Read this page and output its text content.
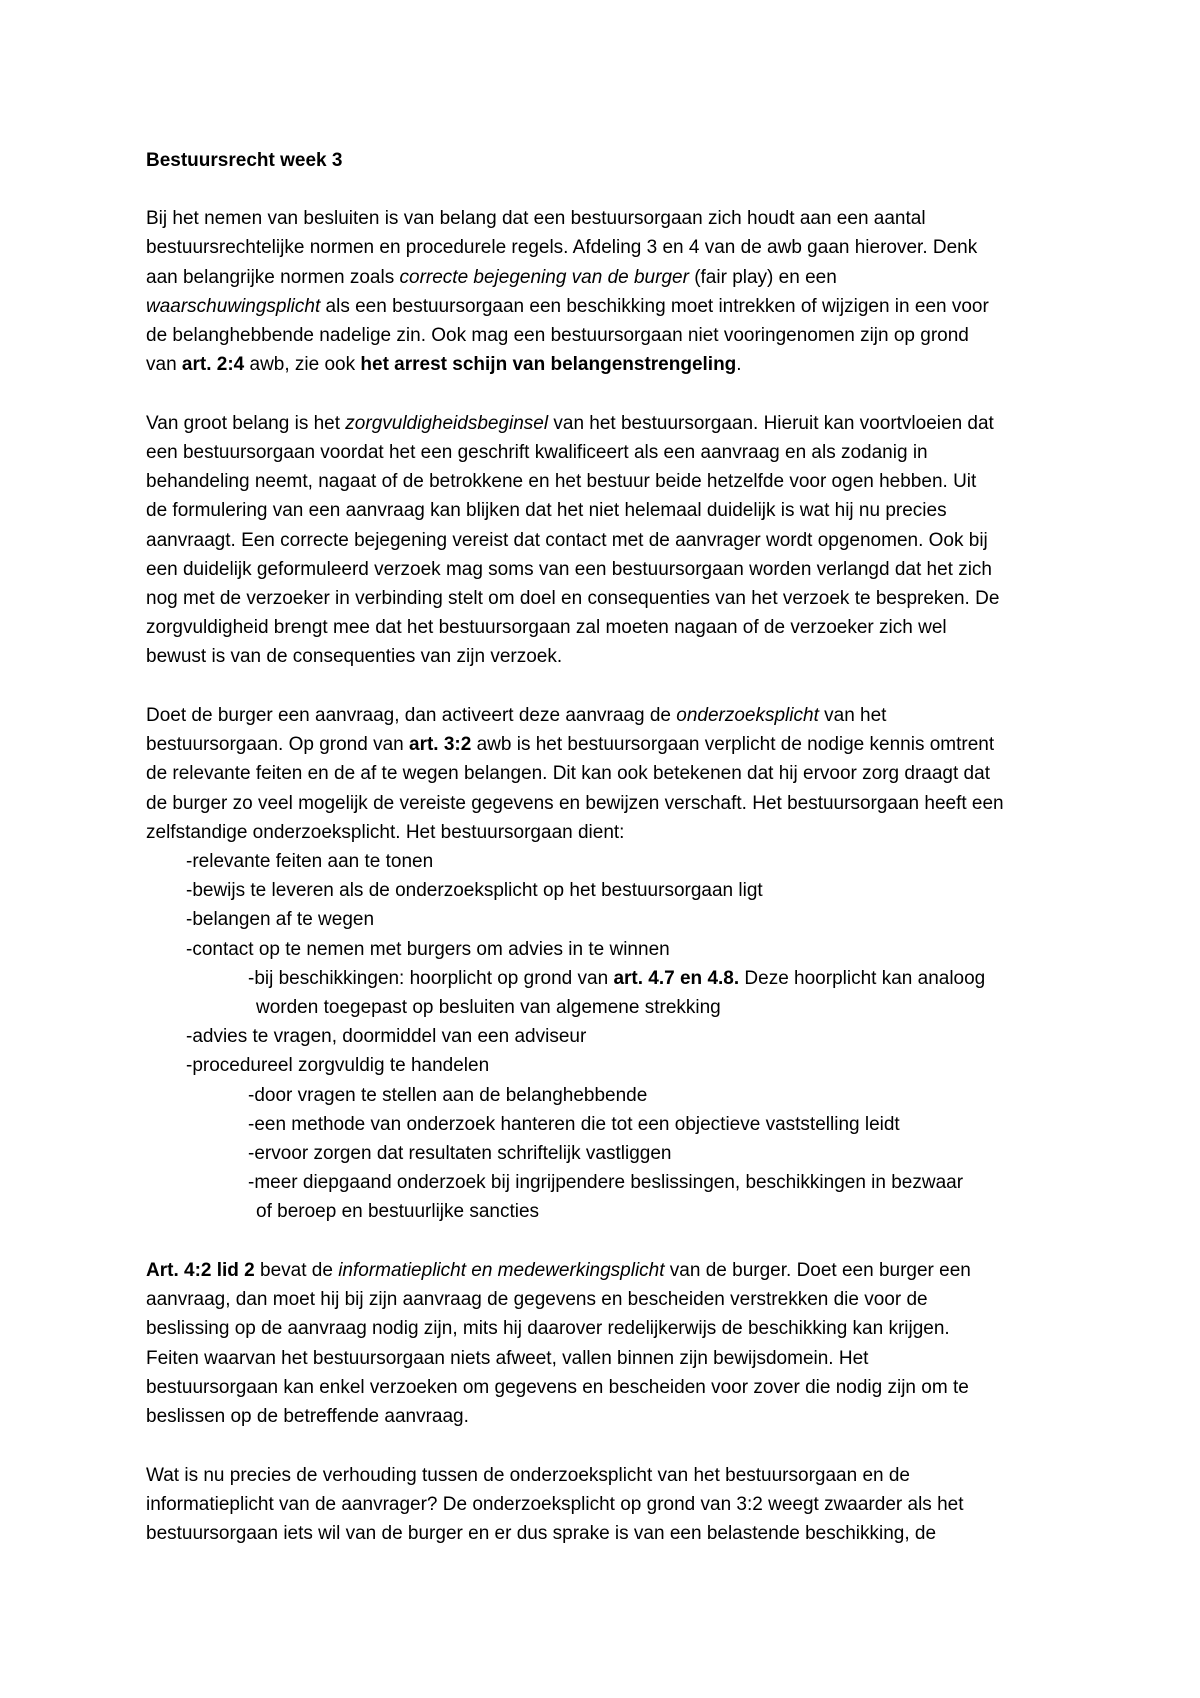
Bestuursrecht week 3
Bij het nemen van besluiten is van belang dat een bestuursorgaan zich houdt aan een aantal
bestuursrechtelijke normen en procedurele regels. Afdeling 3 en 4 van de awb gaan hierover. Denk
aan belangrijke normen zoals correcte bejegening van de burger (fair play) en een
waarschuwingsplicht als een bestuursorgaan een beschikking moet intrekken of wijzigen in een voor
de belanghebbende nadelige zin. Ook mag een bestuursorgaan niet vooringenomen zijn op grond
van art. 2:4 awb, zie ook het arrest schijn van belangenstrengeling.
Van groot belang is het zorgvuldigheidsbeginsel van het bestuursorgaan. Hieruit kan voortvloeien dat
een bestuursorgaan voordat het een geschrift kwalificeert als een aanvraag en als zodanig in
behandeling neemt, nagaat of de betrokkene en het bestuur beide hetzelfde voor ogen hebben. Uit
de formulering van een aanvraag kan blijken dat het niet helemaal duidelijk is wat hij nu precies
aanvraagt. Een correcte bejegening vereist dat contact met de aanvrager wordt opgenomen. Ook bij
een duidelijk geformuleerd verzoek mag soms van een bestuursorgaan worden verlangd dat het zich
nog met de verzoeker in verbinding stelt om doel en consequenties van het verzoek te bespreken. De
zorgvuldigheid brengt mee dat het bestuursorgaan zal moeten nagaan of de verzoeker zich wel
bewust is van de consequenties van zijn verzoek.
Doet de burger een aanvraag, dan activeert deze aanvraag de onderzoeksplicht van het
bestuursorgaan. Op grond van art. 3:2 awb is het bestuursorgaan verplicht de nodige kennis omtrent
de relevante feiten en de af te wegen belangen. Dit kan ook betekenen dat hij ervoor zorg draagt dat
de burger zo veel mogelijk de vereiste gegevens en bewijzen verschaft. Het bestuursorgaan heeft een
zelfstandige onderzoeksplicht. Het bestuursorgaan dient:
-relevante feiten aan te tonen
-bewijs te leveren als de onderzoeksplicht op het bestuursorgaan ligt
-belangen af te wegen
-contact op te nemen met burgers om advies in te winnen
-bij beschikkingen: hoorplicht op grond van art. 4.7 en 4.8. Deze hoorplicht kan analoog
worden toegepast op besluiten van algemene strekking
-advies te vragen, doormiddel van een adviseur
-procedureel zorgvuldig te handelen
-door vragen te stellen aan de belanghebbende
-een methode van onderzoek hanteren die tot een objectieve vaststelling leidt
-ervoor zorgen dat resultaten schriftelijk vastliggen
-meer diepgaand onderzoek bij ingrijpendere beslissingen, beschikkingen in bezwaar
of beroep en bestuurlijke sancties
Art. 4:2 lid 2 bevat de informatieplicht en medewerkingsplicht van de burger. Doet een burger een
aanvraag, dan moet hij bij zijn aanvraag de gegevens en bescheiden verstrekken die voor de
beslissing op de aanvraag nodig zijn, mits hij daarover redelijkerwijs de beschikking kan krijgen.
Feiten waarvan het bestuursorgaan niets afweet, vallen binnen zijn bewijsdomein. Het
bestuursorgaan kan enkel verzoeken om gegevens en bescheiden voor zover die nodig zijn om te
beslissen op de betreffende aanvraag.
Wat is nu precies de verhouding tussen de onderzoeksplicht van het bestuursorgaan en de
informatieplicht van de aanvrager? De onderzoeksplicht op grond van 3:2 weegt zwaarder als het
bestuursorgaan iets wil van de burger en er dus sprake is van een belastende beschikking, de
